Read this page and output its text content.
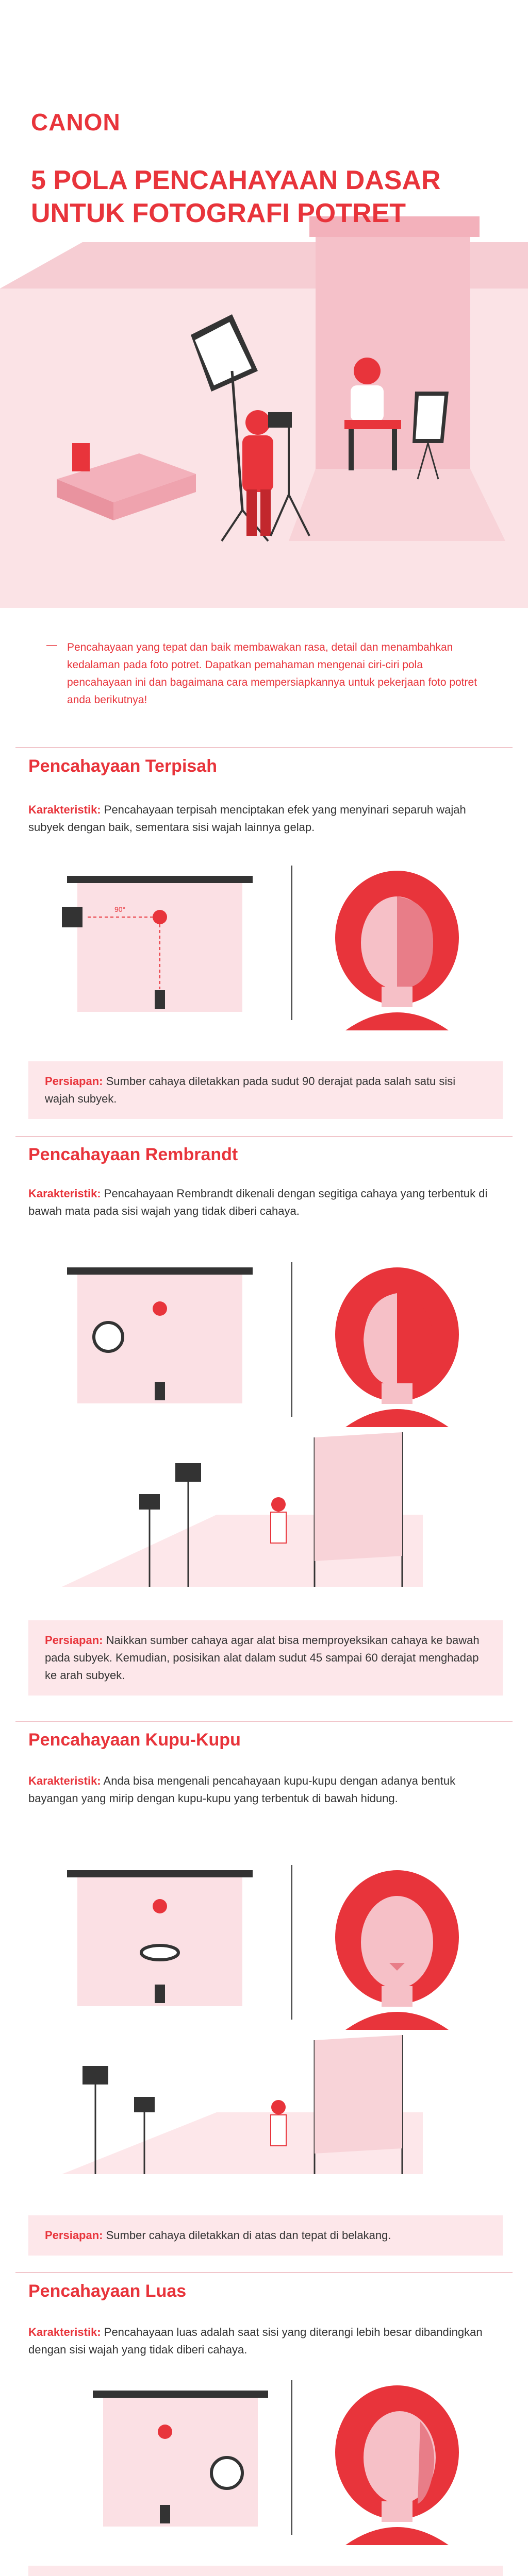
CANON
5 POLA PENCAHAYAAN DASAR
UNTUK FOTOGRAFI POTRET
— Pencahayaan yang tepat dan baik membawakan rasa, detail dan menambahkan kedalaman pada foto potret. Dapatkan pemahaman mengenai ciri-ciri pola pencahayaan ini dan bagaimana cara mempersiapkannya untuk pekerjaan foto potret anda berikutnya!
Pencahayaan Terpisah
Karakteristik: Pencahayaan terpisah menciptakan efek yang menyinari separuh wajah subyek dengan baik, sementara sisi wajah lainnya gelap.
90°
Persiapan: Sumber cahaya diletakkan pada sudut 90 derajat pada salah satu sisi wajah subyek.
Pencahayaan Rembrandt
Karakteristik: Pencahayaan Rembrandt dikenali dengan segitiga cahaya yang terbentuk di bawah mata pada sisi wajah yang tidak diberi cahaya.
Persiapan: Naikkan sumber cahaya agar alat bisa memproyeksikan cahaya ke bawah pada subyek. Kemudian, posisikan alat dalam sudut 45 sampai 60 derajat menghadap ke arah subyek.
Pencahayaan Kupu-Kupu
Karakteristik: Anda bisa mengenali pencahayaan kupu-kupu dengan adanya bentuk bayangan yang mirip dengan kupu-kupu yang terbentuk di bawah hidung.
Persiapan: Sumber cahaya diletakkan di atas dan tepat di belakang.
Pencahayaan Luas
Karakteristik: Pencahayaan luas adalah saat sisi yang diterangi lebih besar dibandingkan dengan sisi wajah yang tidak diberi cahaya.
